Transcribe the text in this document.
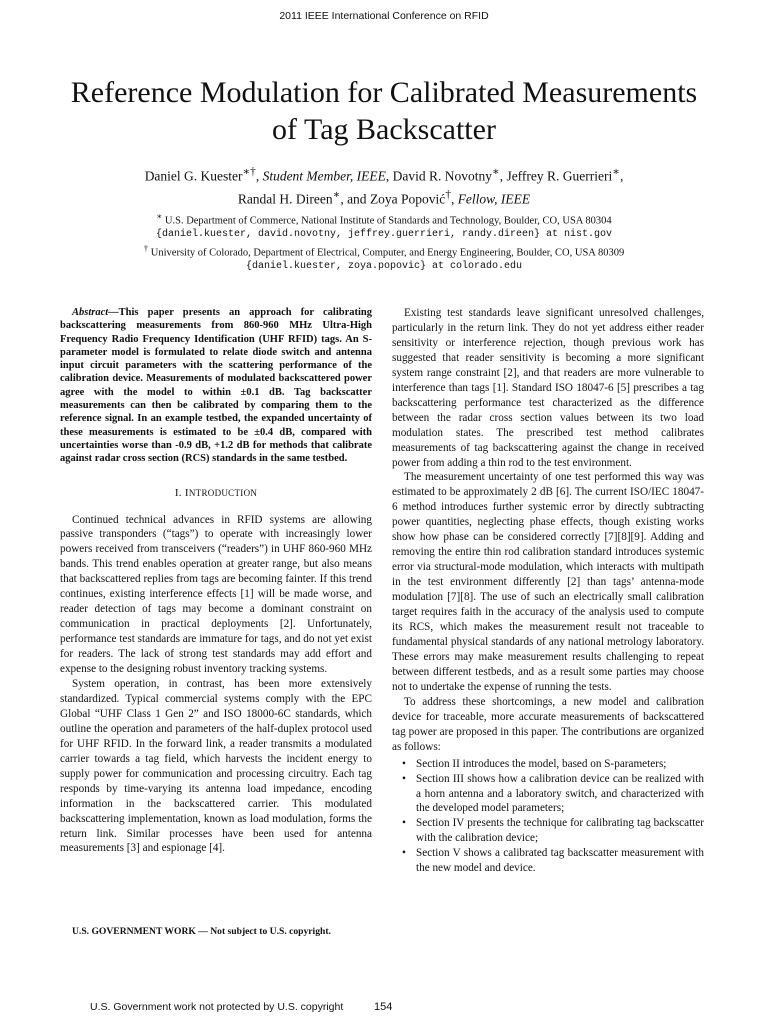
2011 IEEE International Conference on RFID
Reference Modulation for Calibrated Measurements
of Tag Backscatter
Daniel G. Kuester∗†, Student Member, IEEE, David R. Novotny∗, Jeffrey R. Guerrieri∗,
Randal H. Direen∗, and Zoya Popović†, Fellow, IEEE
∗ U.S. Department of Commerce, National Institute of Standards and Technology, Boulder, CO, USA 80304
{daniel.kuester, david.novotny, jeffrey.guerrieri, randy.direen} at nist.gov
† University of Colorado, Department of Electrical, Computer, and Energy Engineering, Boulder, CO, USA 80309
{daniel.kuester, zoya.popovic} at colorado.edu

Abstract—This paper presents an approach for calibrating backscattering measurements from 860-960 MHz Ultra-High Frequency Radio Frequency Identification (UHF RFID) tags. An S-parameter model is formulated to relate diode switch and antenna input circuit parameters with the scattering performance of the calibration device. Measurements of modulated backscattered power agree with the model to within ±0.1 dB. Tag backscatter measurements can then be calibrated by comparing them to the reference signal. In an example testbed, the expanded uncertainty of these measurements is estimated to be ±0.4 dB, compared with uncertainties worse than -0.9 dB, +1.2 dB for methods that calibrate against radar cross section (RCS) standards in the same testbed.

I. INTRODUCTION

Continued technical advances in RFID systems are allowing passive transponders (“tags”) to operate with increasingly lower powers received from transceivers (“readers”) in UHF 860-960 MHz bands. This trend enables operation at greater range, but also means that backscattered replies from tags are becoming fainter. If this trend continues, existing interference effects [1] will be made worse, and reader detection of tags may become a dominant constraint on communication in practical deployments [2]. Unfortunately, performance test standards are immature for tags, and do not yet exist for readers. The lack of strong test standards may add effort and expense to the designing robust inventory tracking systems.

System operation, in contrast, has been more extensively standardized. Typical commercial systems comply with the EPC Global “UHF Class 1 Gen 2” and ISO 18000-6C standards, which outline the operation and parameters of the half-duplex protocol used for UHF RFID. In the forward link, a reader transmits a modulated carrier towards a tag field, which harvests the incident energy to supply power for communication and processing circuitry. Each tag responds by time-varying its antenna load impedance, encoding information in the backscattered carrier. This modulated backscattering implementation, known as load modulation, forms the return link. Similar processes have been used for antenna measurements [3] and espionage [4].

U.S. GOVERNMENT WORK — Not subject to U.S. copyright.

Existing test standards leave significant unresolved challenges, particularly in the return link. They do not yet address either reader sensitivity or interference rejection, though previous work has suggested that reader sensitivity is becoming a more significant system range constraint [2], and that readers are more vulnerable to interference than tags [1]. Standard ISO 18047-6 [5] prescribes a tag backscattering performance test characterized as the difference between the radar cross section values between its two load modulation states. The prescribed test method calibrates measurements of tag backscattering against the change in received power from adding a thin rod to the test environment.

The measurement uncertainty of one test performed this way was estimated to be approximately 2 dB [6]. The current ISO/IEC 18047-6 method introduces further systemic error by directly subtracting power quantities, neglecting phase effects, though existing works show how phase can be considered correctly [7][8][9]. Adding and removing the entire thin rod calibration standard introduces systemic error via structural-mode modulation, which interacts with multipath in the test environment differently [2] than tags’ antenna-mode modulation [7][8]. The use of such an electrically small calibration target requires faith in the accuracy of the analysis used to compute its RCS, which makes the measurement result not traceable to fundamental physical standards of any national metrology laboratory. These errors may make measurement results challenging to repeat between different testbeds, and as a result some parties may choose not to undertake the expense of running the tests.

To address these shortcomings, a new model and calibration device for traceable, more accurate measurements of backscattered tag power are proposed in this paper. The contributions are organized as follows:

• Section II introduces the model, based on S-parameters;
• Section III shows how a calibration device can be realized with a horn antenna and a laboratory switch, and characterized with the developed model parameters;
• Section IV presents the technique for calibrating tag backscatter with the calibration device;
• Section V shows a calibrated tag backscatter measurement with the new model and device.
U.S. Government work not protected by U.S. copyright	154
